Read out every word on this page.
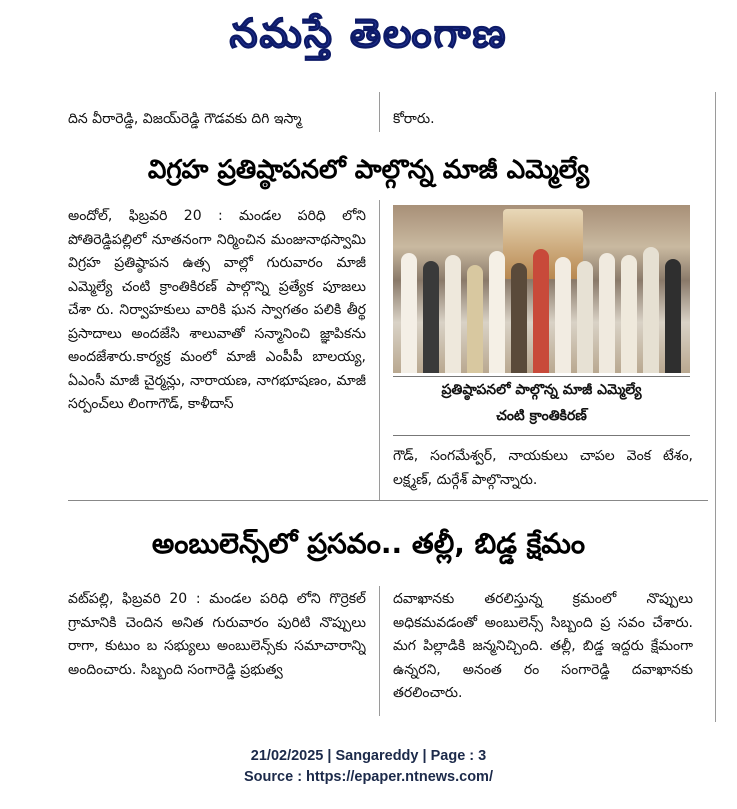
నమస్తే తెలంగాణ
దిన వీరారెడ్డి, విజయ్‌రెడ్డి గౌడవకు దిగి ఇస్మా	కోరారు.
విగ్రహ ప్రతిష్ఠాపనలో పాల్గొన్న మాజీ ఎమ్మెల్యే
అందోల్, ఫిబ్రవరి 20 : మండల పరిధి లోని పోతిరెడ్డిపల్లిలో నూతనంగా నిర్మించిన మంజునాథస్వామి విగ్రహ ప్రతిష్ఠాపన ఉత్స వాల్లో గురువారం మాజీ ఎమ్మెల్యే చంటి క్రాంతికిరణ్ పాల్గొన్ని ప్రత్యేక పూజలు చేశా రు. నిర్వాహకులు వారికి ఘన స్వాగతం పలికి తీర్థ ప్రసాదాలు అందజేసి శాలువాతో సన్మానించి జ్ఞాపికను అందజేశారు.కార్యక్ర మంలో మాజీ ఎంపీపీ బాలయ్య, ఏఎంసీ మాజీ చైర్మన్లు, నారాయణ, నాగభూషణం, మాజీ సర్పంచ్‌లు లింగాగౌడ్, కాళీదాస్
ప్రతిష్ఠాపనలో పాల్గొన్న మాజీ ఎమ్మెల్యే
చంటి క్రాంతికిరణ్
గౌడ్, సంగమేశ్వర్, నాయకులు చాపల వెంక టేశం, లక్ష్మణ్, దుర్గేశ్ పాల్గొన్నారు.
అంబులెన్స్‌లో ప్రసవం.. తల్లీ, బిడ్డ క్షేమం
వట్‌పల్లి, ఫిబ్రవరి 20 : మండల పరిధి లోని గొర్రెకల్ గ్రామానికి చెందిన అనిత గురువారం పురిటి నొప్పులు రాగా, కుటుం బ సభ్యులు అంబులెన్స్‌కు సమాచారాన్ని అందించారు. సిబ్బంది సంగారెడ్డి ప్రభుత్వ
దవాఖానకు తరలిస్తున్న క్రమంలో నొప్పులు అధికమవడంతో అంబులెన్స్ సిబ్బంది ప్ర సవం చేశారు. మగ పిల్లాడికి జన్మనిచ్చింది. తల్లీ, బిడ్డ ఇద్దరు క్షేమంగా ఉన్నరని, అనంత రం సంగారెడ్డి దవాఖానకు తరలించారు.
21/02/2025 | Sangareddy | Page : 3
Source : https://epaper.ntnews.com/
